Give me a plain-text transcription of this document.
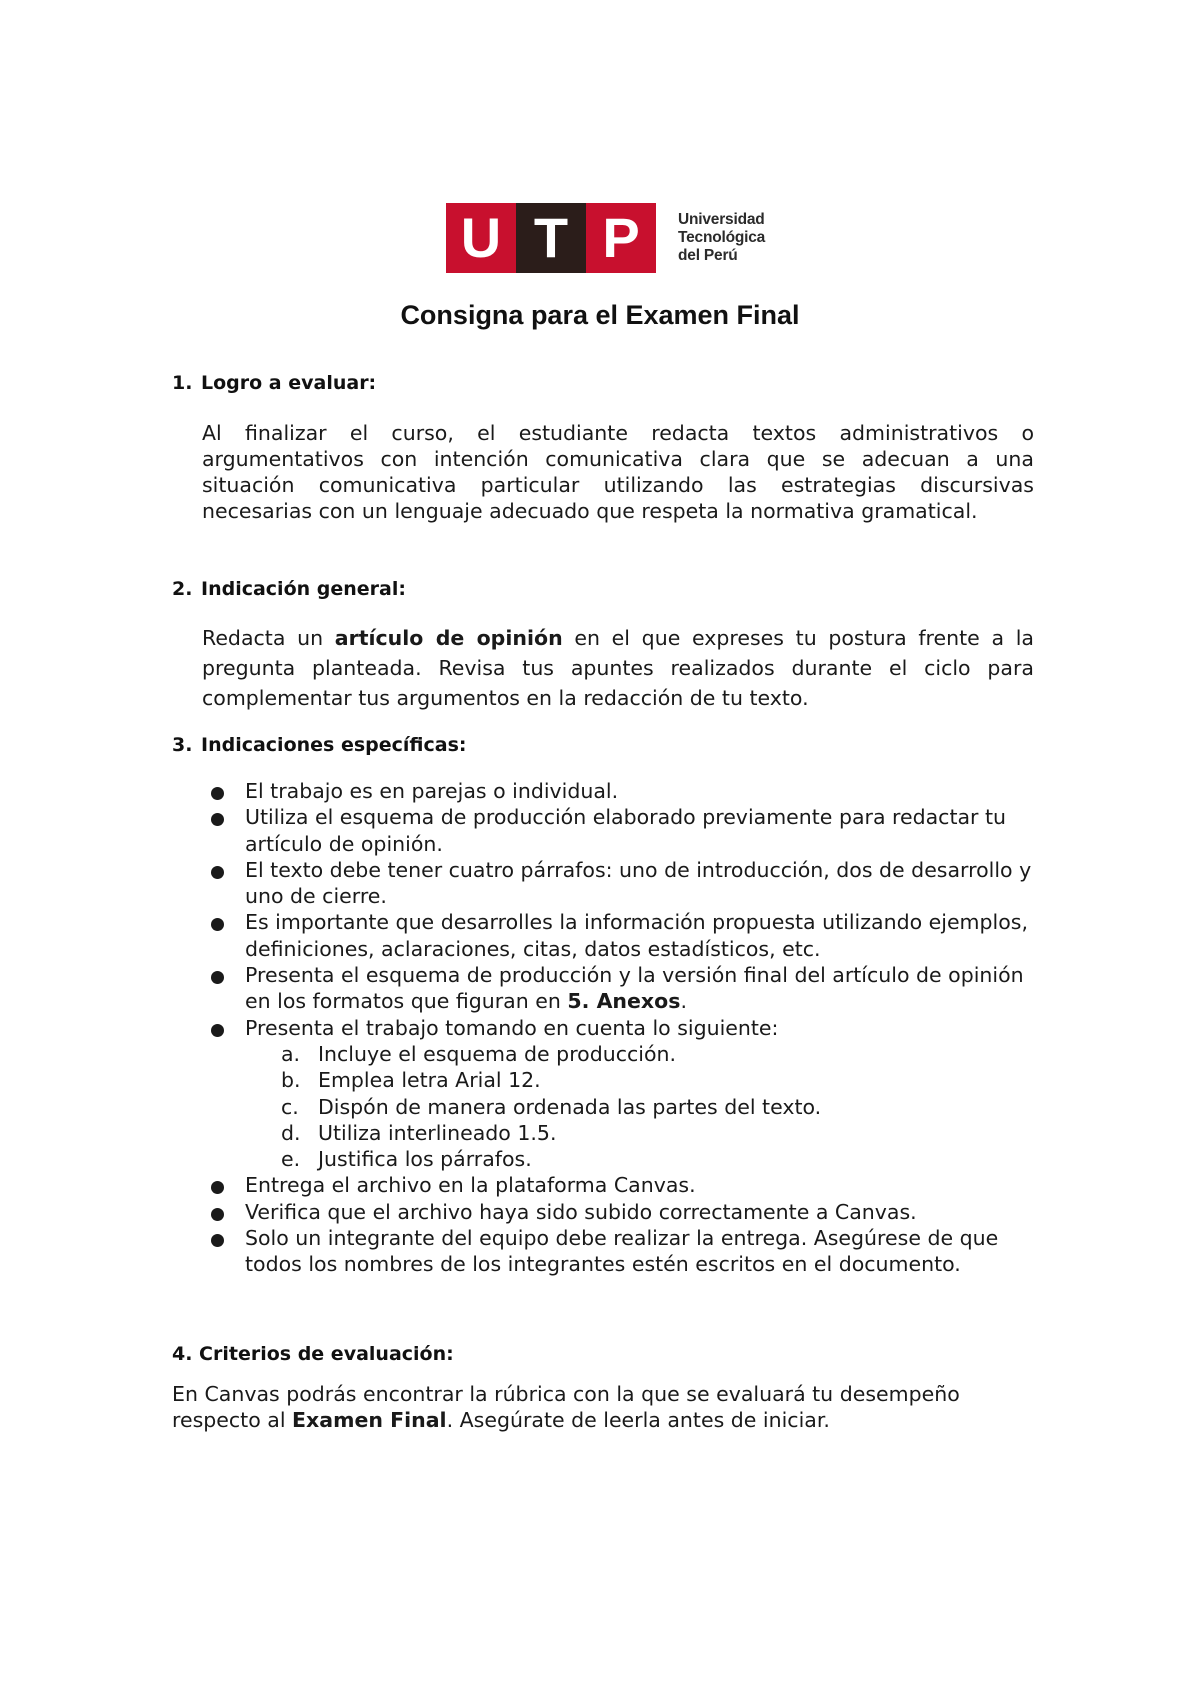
U T P	Universidad
Tecnológica
del Perú
Consigna para el Examen Final
1. Logro a evaluar:
Al finalizar el curso, el estudiante redacta textos administrativos o argumentativos con intención comunicativa clara que se adecuan a una situación comunicativa particular utilizando las estrategias discursivas necesarias con un lenguaje adecuado que respeta la normativa gramatical.
2. Indicación general:
Redacta un artículo de opinión en el que expreses tu postura frente a la pregunta planteada. Revisa tus apuntes realizados durante el ciclo para complementar tus argumentos en la redacción de tu texto.
3. Indicaciones específicas:
El trabajo es en parejas o individual.
Utiliza el esquema de producción elaborado previamente para redactar tu artículo de opinión.
El texto debe tener cuatro párrafos: uno de introducción, dos de desarrollo y uno de cierre.
Es importante que desarrolles la información propuesta utilizando ejemplos, definiciones, aclaraciones, citas, datos estadísticos, etc.
Presenta el esquema de producción y la versión final del artículo de opinión en los formatos que figuran en 5. Anexos.
Presenta el trabajo tomando en cuenta lo siguiente:
a. Incluye el esquema de producción.
b. Emplea letra Arial 12.
c. Dispón de manera ordenada las partes del texto.
d. Utiliza interlineado 1.5.
e. Justifica los párrafos.
Entrega el archivo en la plataforma Canvas.
Verifica que el archivo haya sido subido correctamente a Canvas.
Solo un integrante del equipo debe realizar la entrega. Asegúrese de que todos los nombres de los integrantes estén escritos en el documento.
4. Criterios de evaluación:
En Canvas podrás encontrar la rúbrica con la que se evaluará tu desempeño respecto al Examen Final. Asegúrate de leerla antes de iniciar.
